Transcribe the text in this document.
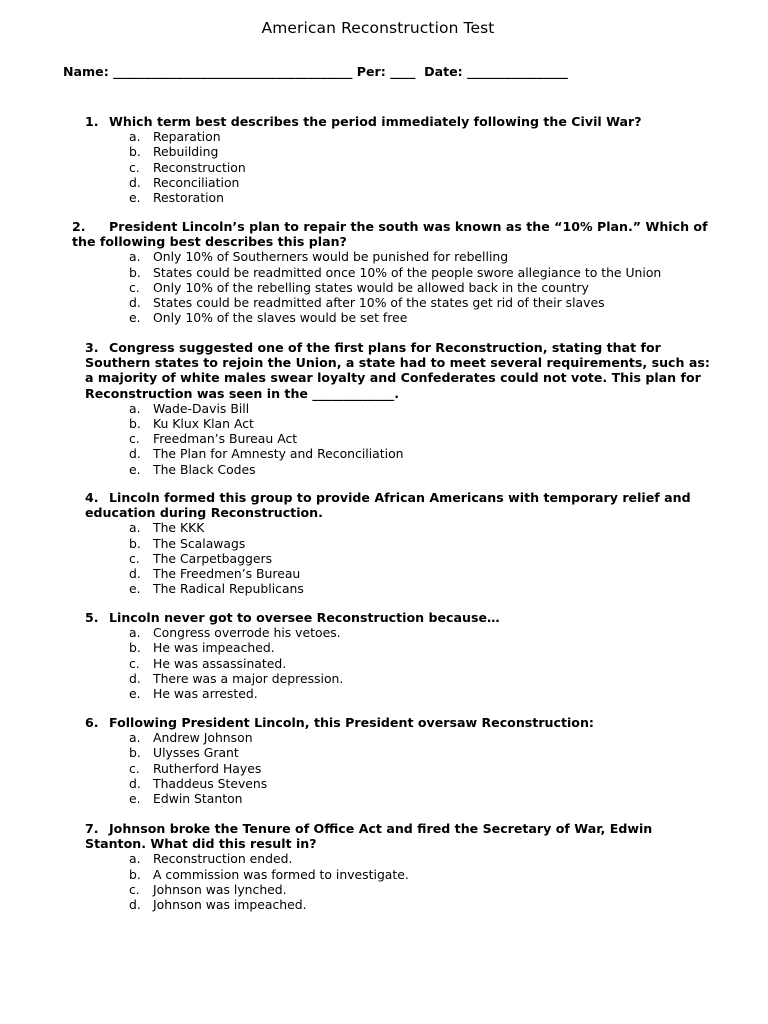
American Reconstruction Test
Name: ______________________________________ Per: ____  Date: ________________
1. Which term best describes the period immediately following the Civil War?
a. Reparation
b. Rebuilding
c. Reconstruction
d. Reconciliation
e. Restoration
2. President Lincoln’s plan to repair the south was known as the “10% Plan.” Which of
the following best describes this plan?
a. Only 10% of Southerners would be punished for rebelling
b. States could be readmitted once 10% of the people swore allegiance to the Union
c. Only 10% of the rebelling states would be allowed back in the country
d. States could be readmitted after 10% of the states get rid of their slaves
e. Only 10% of the slaves would be set free
3. Congress suggested one of the first plans for Reconstruction, stating that for
Southern states to rejoin the Union, a state had to meet several requirements, such as:
a majority of white males swear loyalty and Confederates could not vote. This plan for
Reconstruction was seen in the _____________.
a. Wade-Davis Bill
b. Ku Klux Klan Act
c. Freedman’s Bureau Act
d. The Plan for Amnesty and Reconciliation
e. The Black Codes
4. Lincoln formed this group to provide African Americans with temporary relief and
education during Reconstruction.
a. The KKK
b. The Scalawags
c. The Carpetbaggers
d. The Freedmen’s Bureau
e. The Radical Republicans
5. Lincoln never got to oversee Reconstruction because…
a. Congress overrode his vetoes.
b. He was impeached.
c. He was assassinated.
d. There was a major depression.
e. He was arrested.
6. Following President Lincoln, this President oversaw Reconstruction:
a. Andrew Johnson
b. Ulysses Grant
c. Rutherford Hayes
d. Thaddeus Stevens
e. Edwin Stanton
7. Johnson broke the Tenure of Office Act and fired the Secretary of War, Edwin
Stanton. What did this result in?
a. Reconstruction ended.
b. A commission was formed to investigate.
c. Johnson was lynched.
d. Johnson was impeached.
